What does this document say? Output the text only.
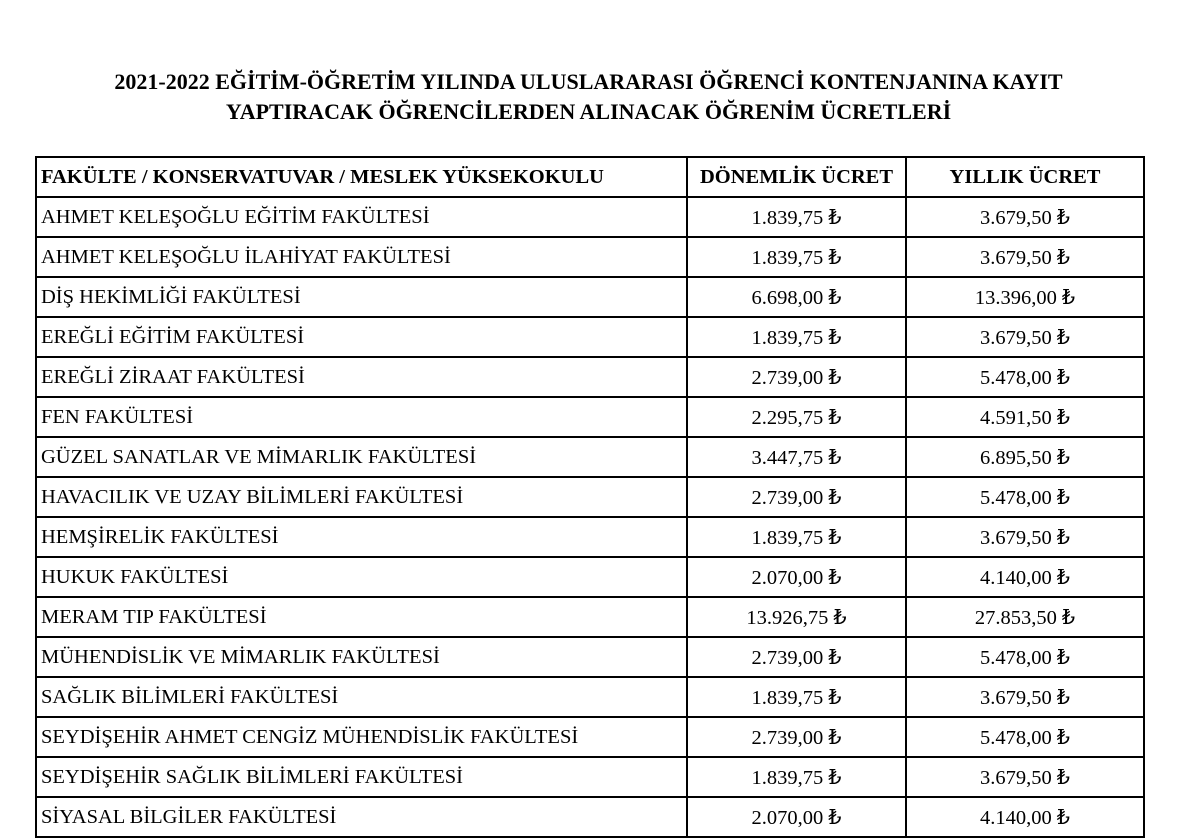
2021-2022 EĞİTİM-ÖĞRETİM YILINDA ULUSLARARASI ÖĞRENCİ KONTENJANINA KAYIT
YAPTIRACAK ÖĞRENCİLERDEN ALINACAK ÖĞRENİM ÜCRETLERİ
FAKÜLTE / KONSERVATUVAR / MESLEK YÜKSEKOKULU	DÖNEMLİK ÜCRET	YILLIK ÜCRET
AHMET KELEŞOĞLU EĞİTİM FAKÜLTESİ	1.839,75 ₺	3.679,50 ₺
AHMET KELEŞOĞLU İLAHİYAT FAKÜLTESİ	1.839,75 ₺	3.679,50 ₺
DİŞ HEKİMLİĞİ FAKÜLTESİ	6.698,00 ₺	13.396,00 ₺
EREĞLİ EĞİTİM FAKÜLTESİ	1.839,75 ₺	3.679,50 ₺
EREĞLİ ZİRAAT FAKÜLTESİ	2.739,00 ₺	5.478,00 ₺
FEN FAKÜLTESİ	2.295,75 ₺	4.591,50 ₺
GÜZEL SANATLAR VE MİMARLIK FAKÜLTESİ	3.447,75 ₺	6.895,50 ₺
HAVACILIK VE UZAY BİLİMLERİ FAKÜLTESİ	2.739,00 ₺	5.478,00 ₺
HEMŞİRELİK FAKÜLTESİ	1.839,75 ₺	3.679,50 ₺
HUKUK FAKÜLTESİ	2.070,00 ₺	4.140,00 ₺
MERAM TIP FAKÜLTESİ	13.926,75 ₺	27.853,50 ₺
MÜHENDİSLİK VE MİMARLIK FAKÜLTESİ	2.739,00 ₺	5.478,00 ₺
SAĞLIK BİLİMLERİ FAKÜLTESİ	1.839,75 ₺	3.679,50 ₺
SEYDİŞEHİR AHMET CENGİZ MÜHENDİSLİK FAKÜLTESİ	2.739,00 ₺	5.478,00 ₺
SEYDİŞEHİR SAĞLIK BİLİMLERİ FAKÜLTESİ	1.839,75 ₺	3.679,50 ₺
SİYASAL BİLGİLER FAKÜLTESİ	2.070,00 ₺	4.140,00 ₺
